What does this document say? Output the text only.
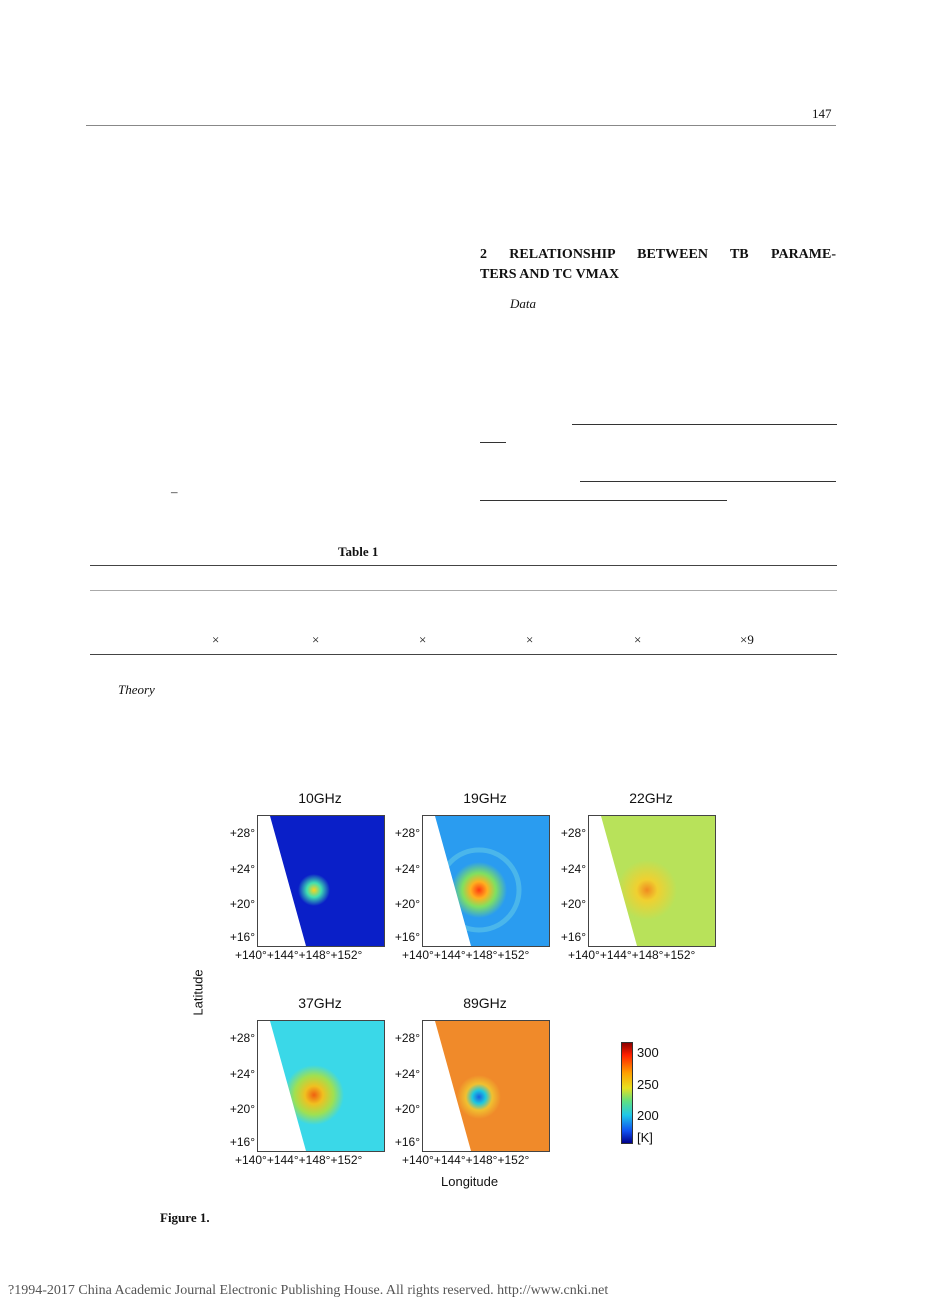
147
2 RELATIONSHIP BETWEEN TB PARAME-
TERS AND TC VMAX
Data
–
Table 1
×	×	×	×	×	×9
Theory
10GHz	19GHz	22GHz
+28°
+24°
+20°
+16°
+28°
+24°
+20°
+16°
+28°
+24°
+20°
+16°
+140°+144°+148°+152°	+140°+144°+148°+152°	+140°+144°+148°+152°
Latitude	37GHz	89GHz
+28°
+24°
+20°
+16°
+28°
+24°
+20°
+16°
+140°+144°+148°+152°	+140°+144°+148°+152°
Longitude
300
250
200
[K]
Figure 1.
?1994-2017 China Academic Journal Electronic Publishing House. All rights reserved. http://www.cnki.net
